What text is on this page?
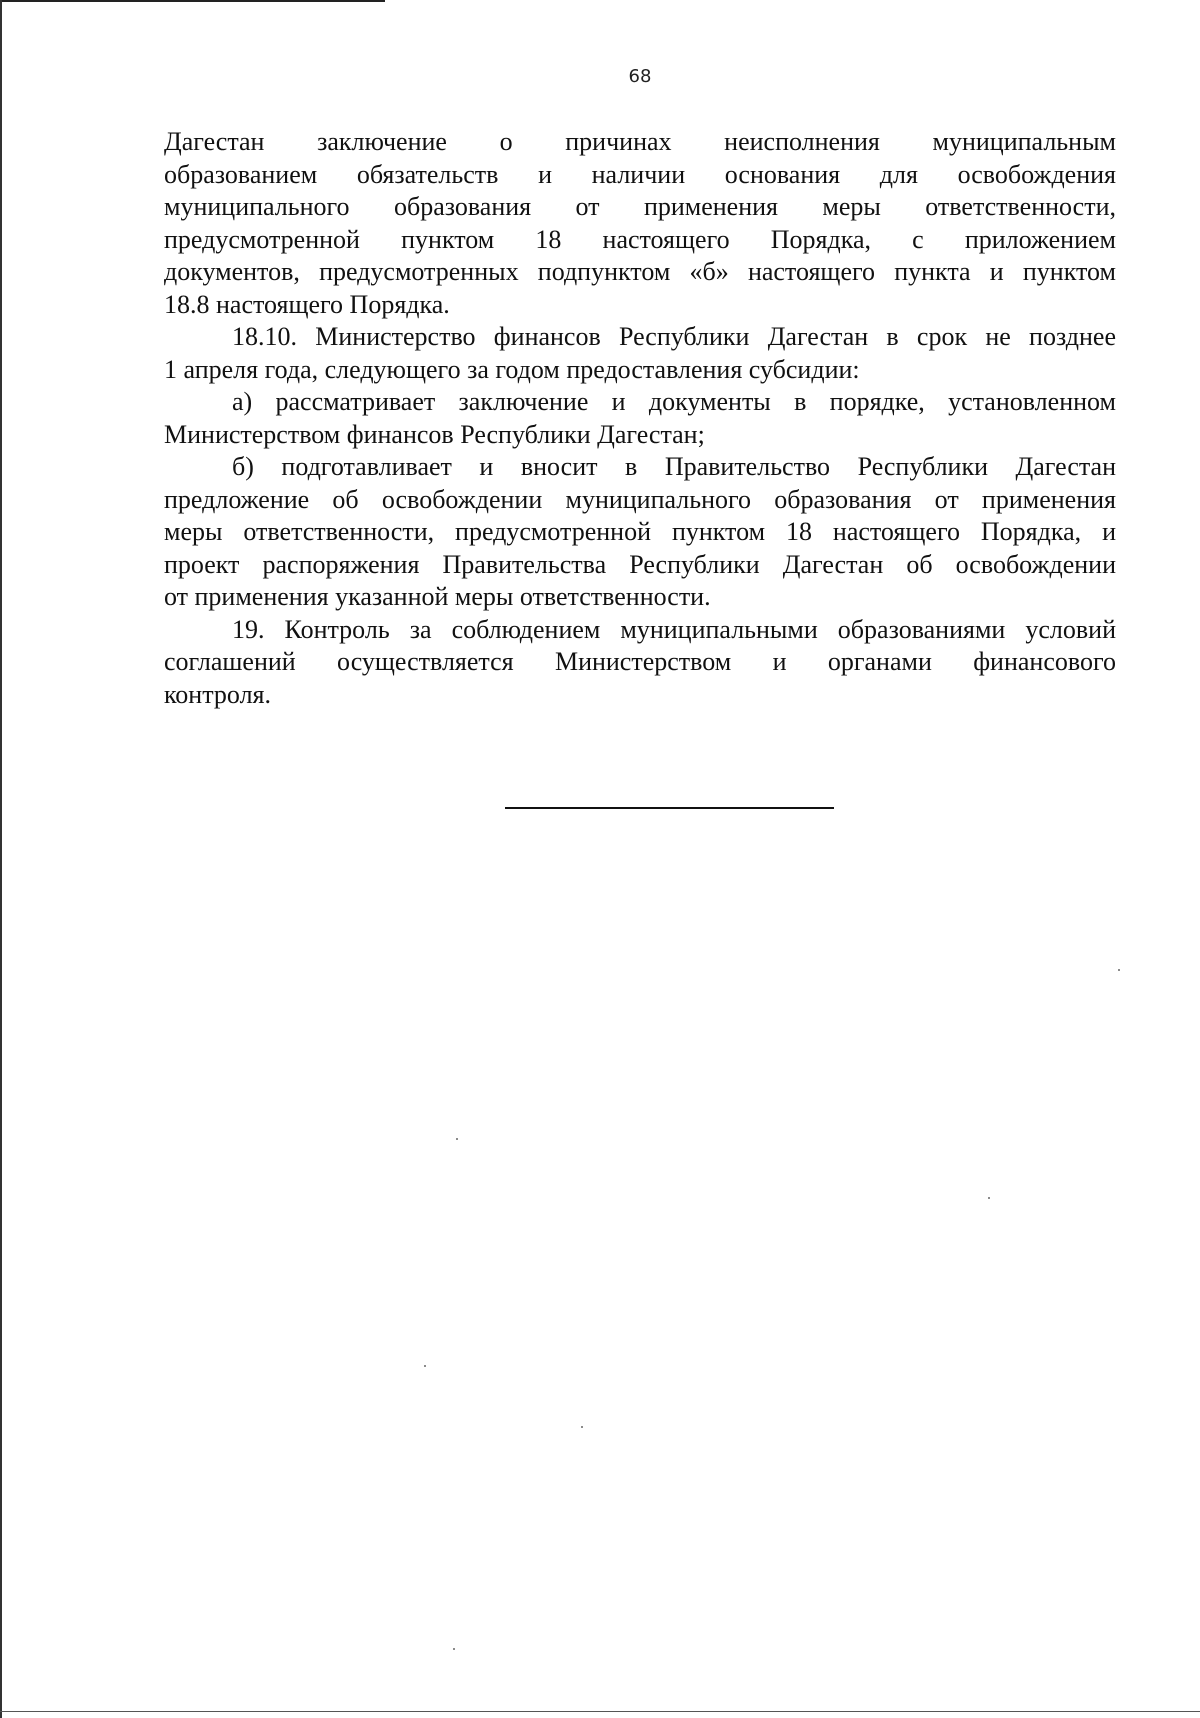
68

Дагестан заключение о причинах неисполнения муниципальным
образованием обязательств и наличии основания для освобождения
муниципального образования от применения меры ответственности,
предусмотренной пунктом 18 настоящего Порядка, с приложением
документов, предусмотренных подпунктом «б» настоящего пункта и пунктом
18.8 настоящего Порядка.

18.10. Министерство финансов Республики Дагестан в срок не позднее
1 апреля года, следующего за годом предоставления субсидии:

а) рассматривает заключение и документы в порядке, установленном
Министерством финансов Республики Дагестан;

б) подготавливает и вносит в Правительство Республики Дагестан
предложение об освобождении муниципального образования от применения
меры ответственности, предусмотренной пунктом 18 настоящего Порядка, и
проект распоряжения Правительства Республики Дагестан об освобождении
от применения указанной меры ответственности.

19. Контроль за соблюдением муниципальными образованиями условий
соглашений осуществляется Министерством и органами финансового
контроля.
